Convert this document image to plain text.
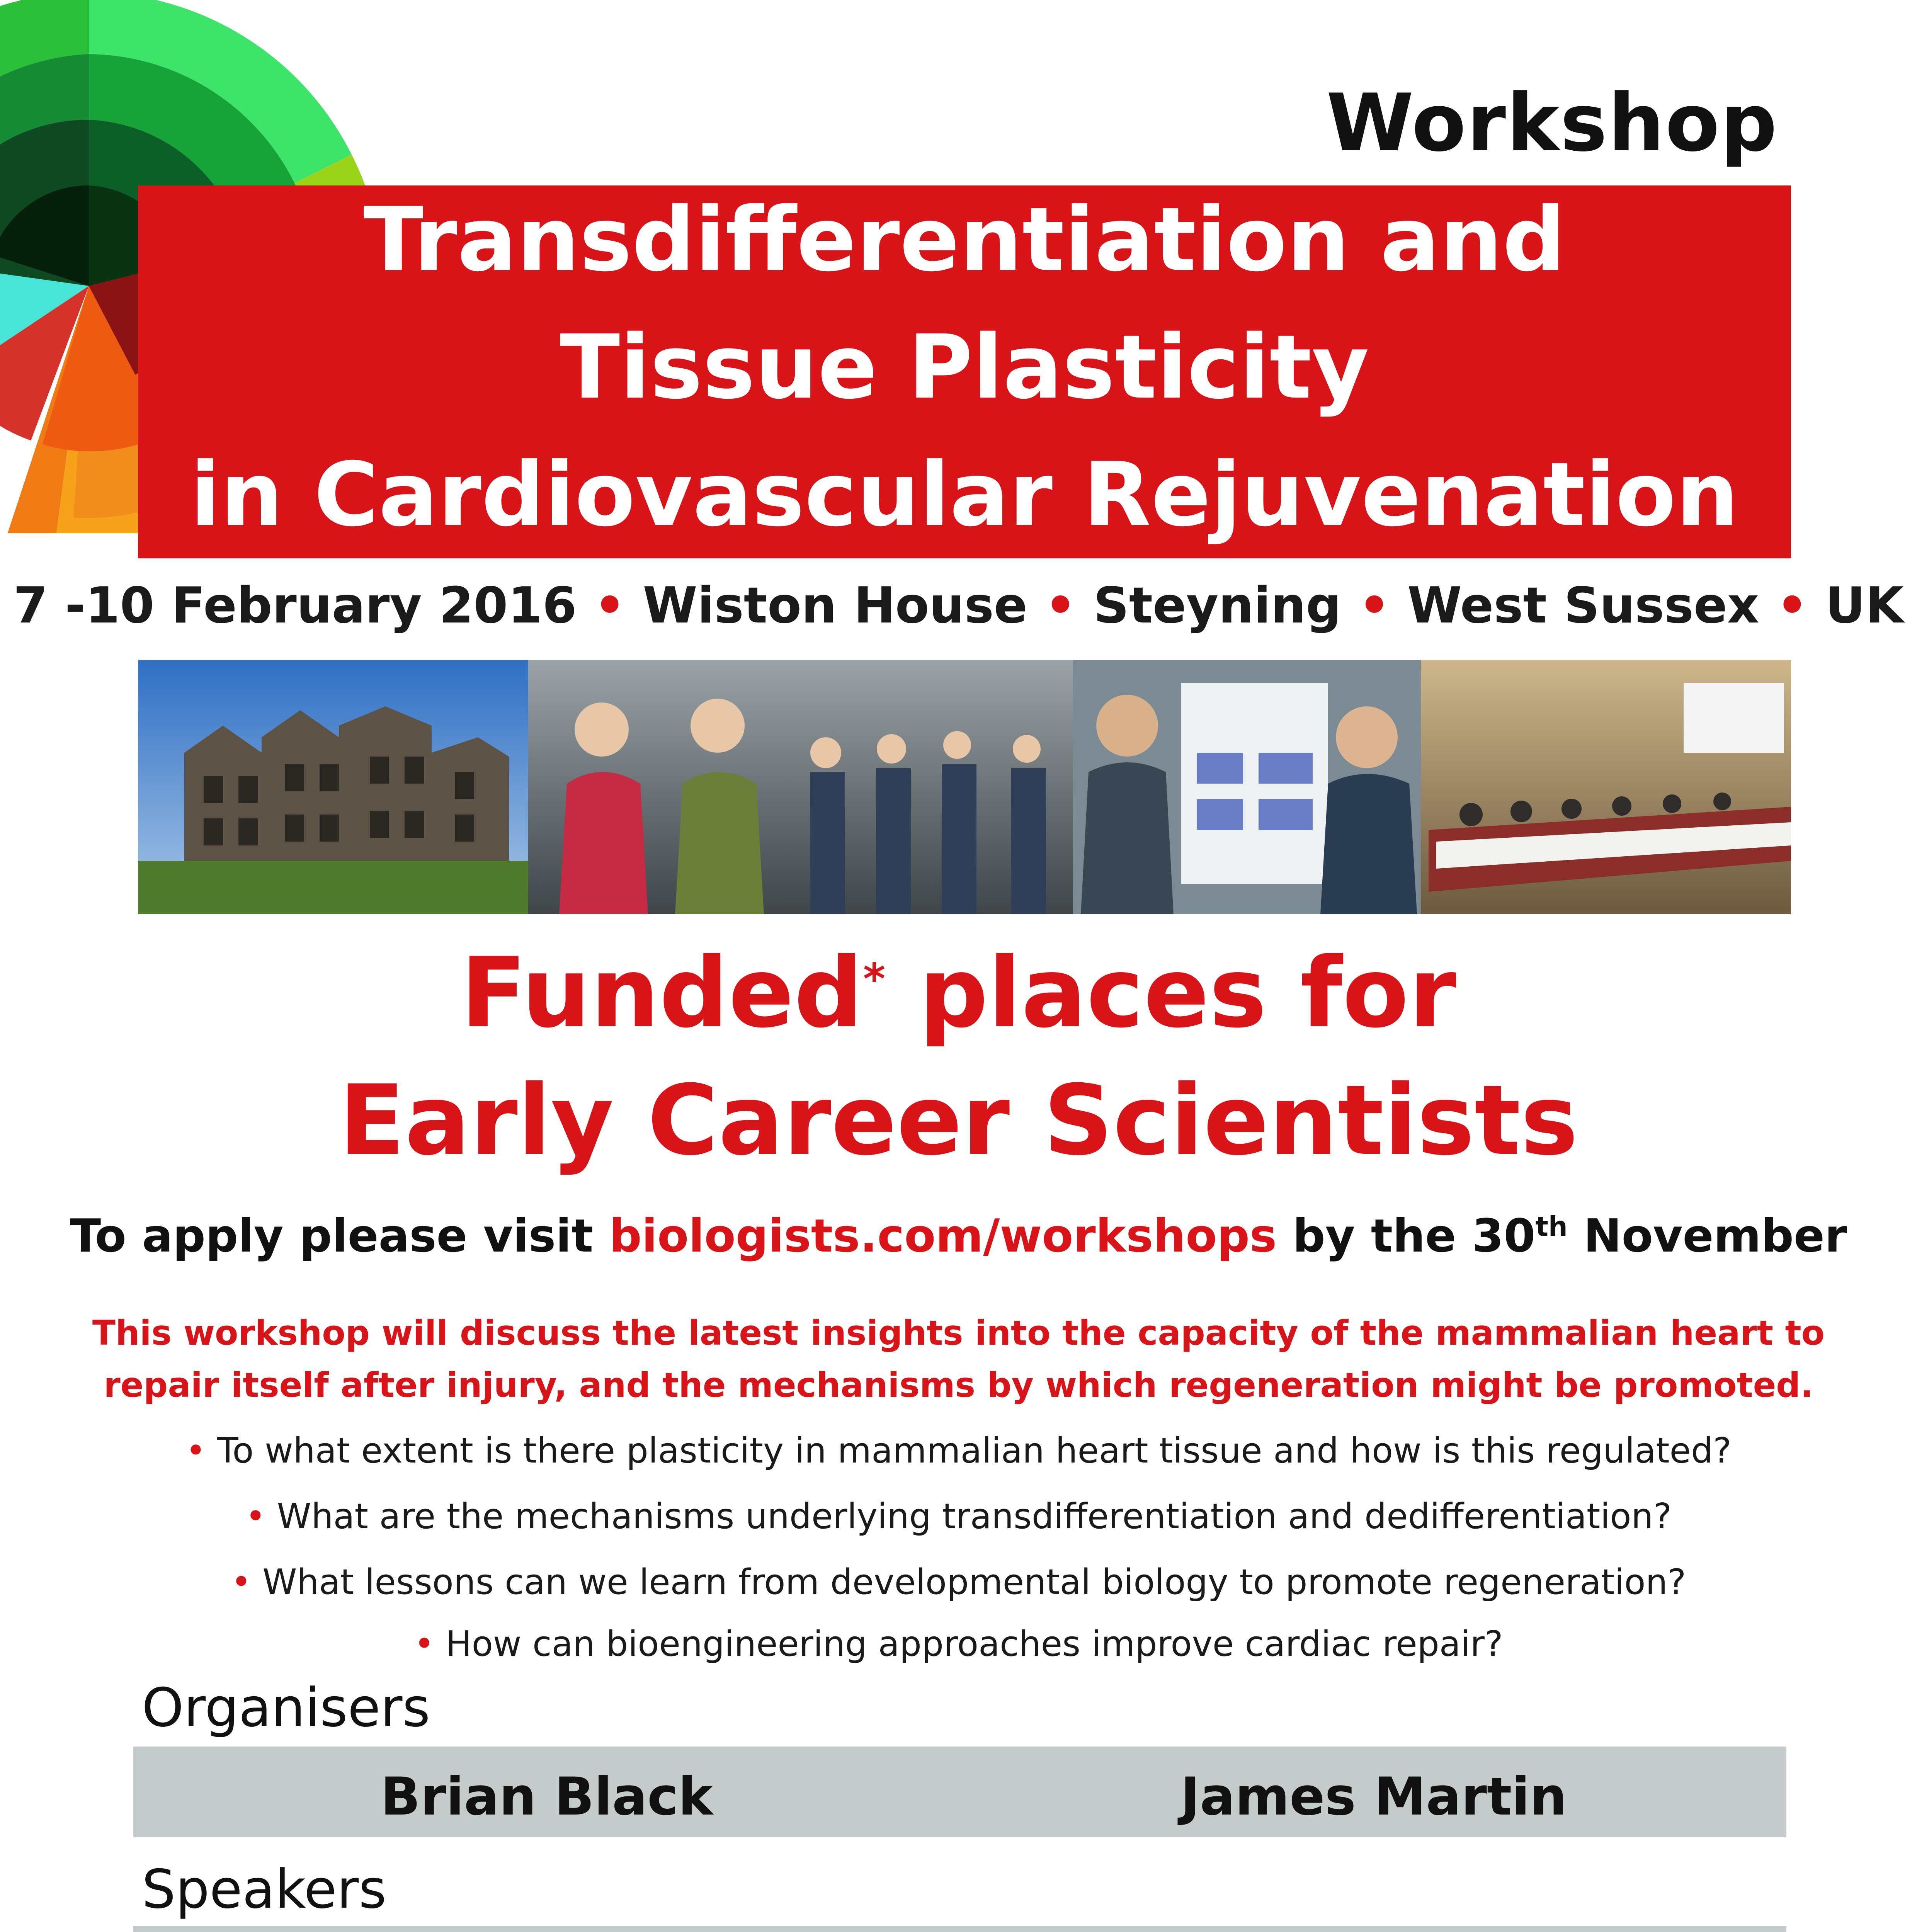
Workshop
Transdifferentiation and
Tissue Plasticity
in Cardiovascular Rejuvenation
7 -10 February 2016 • Wiston House • Steyning • West Sussex • UK
Funded* places for
Early Career Scientists
To apply please visit biologists.com/workshops by the 30th November
This workshop will discuss the latest insights into the capacity of the mammalian heart to
repair itself after injury, and the mechanisms by which regeneration might be promoted.
• To what extent is there plasticity in mammalian heart tissue and how is this regulated?
• What are the mechanisms underlying transdifferentiation and dedifferentiation?
• What lessons can we learn from developmental biology to promote regeneration?
• How can bioengineering approaches improve cardiac repair?
Organisers
Brian Black	James Martin
Speakers
